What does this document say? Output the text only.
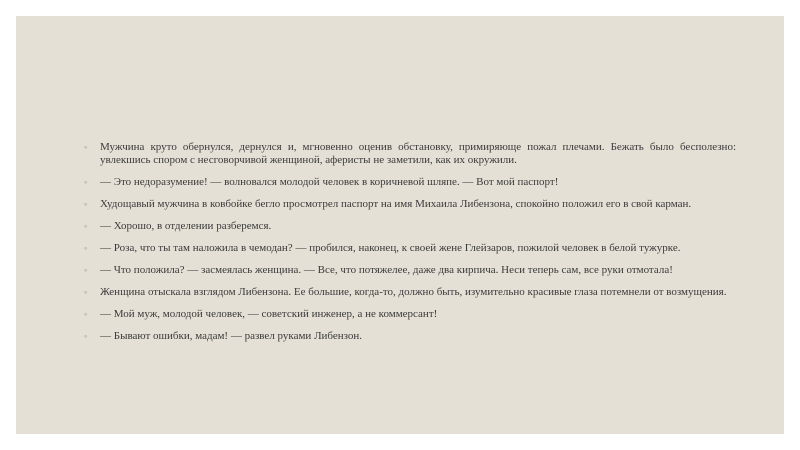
◦ Мужчина круто обернулся, дернулся и, мгновенно оценив обстановку, примиряюще пожал плечами. Бежать было бесполезно: увлекшись спором с несговорчивой женщиной, аферисты не заметили, как их окружили.
◦ — Это недоразумение! — волновался молодой человек в коричневой шляпе. — Вот мой паспорт!
◦ Худощавый мужчина в ковбойке бегло просмотрел паспорт на имя Михаила Либензона, спокойно положил его в свой карман.
◦ — Хорошо, в отделении разберемся.
◦ — Роза, что ты там наложила в чемодан? — пробился, наконец, к своей жене Глейзаров, пожилой человек в белой тужурке.
◦ — Что положила? — засмеялась женщина. — Все, что потяжелее, даже два кирпича. Неси теперь сам, все руки отмотала!
◦ Женщина отыскала взглядом Либензона. Ее большие, когда-то, должно быть, изумительно красивые глаза потемнели от возмущения.
◦ — Мой муж, молодой человек, — советский инженер, а не коммерсант!
◦ — Бывают ошибки, мадам! — развел руками Либензон.
